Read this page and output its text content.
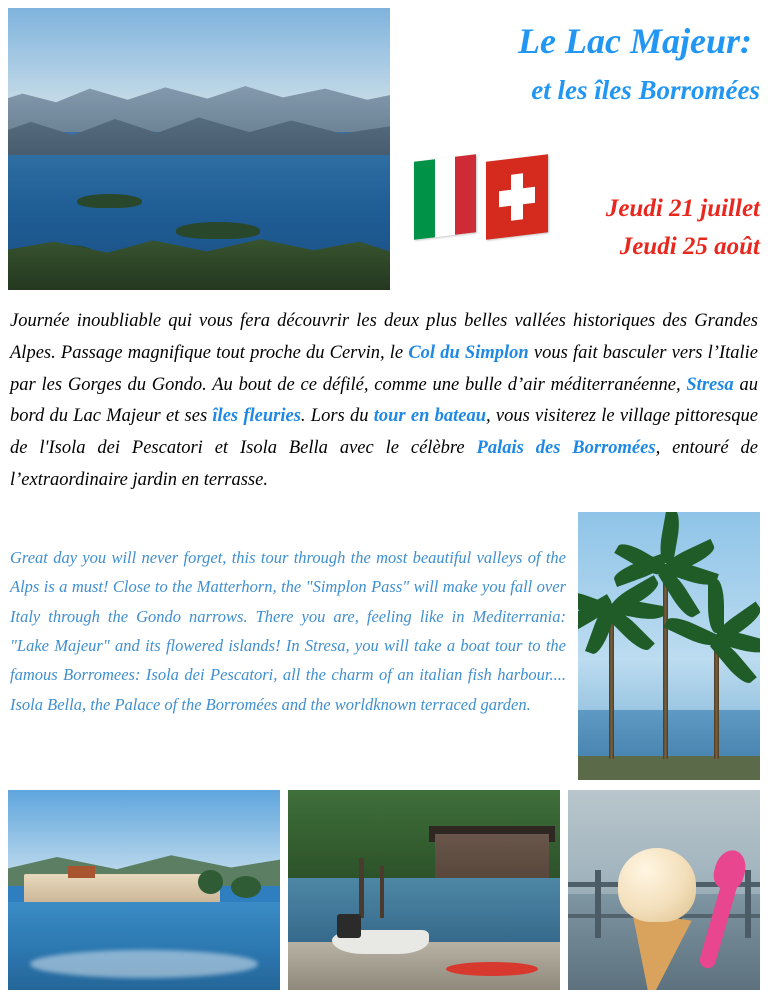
Le Lac Majeur:
et les îles Borromées
Jeudi 21 juillet
Jeudi 25 août
Journée inoubliable qui vous fera découvrir les deux plus belles vallées historiques des Grandes Alpes. Passage magnifique tout proche du Cervin, le Col du Simplon vous fait basculer vers l’Italie par les Gorges du Gondo. Au bout de ce défilé, comme une bulle d’air méditerranéenne, Stresa au bord du Lac Majeur et ses îles fleuries. Lors du tour en bateau, vous visiterez le village pittoresque de l'Isola dei Pescatori et Isola Bella avec le célèbre Palais des Borromées, entouré de l’extraordinaire jardin en terrasse.
Great day you will never forget, this tour through the most beautiful valleys of the Alps is a must! Close to the Matterhorn, the "Simplon Pass" will make you fall over Italy through the Gondo narrows. There you are, feeling like in Mediterrania: "Lake Majeur" and its flowered islands! In Stresa, you will take a boat tour to the famous Borromees: Isola dei Pescatori, all the charm of an italian fish harbour.... Isola Bella, the Palace of the Borromées and the worldknown terraced garden.
